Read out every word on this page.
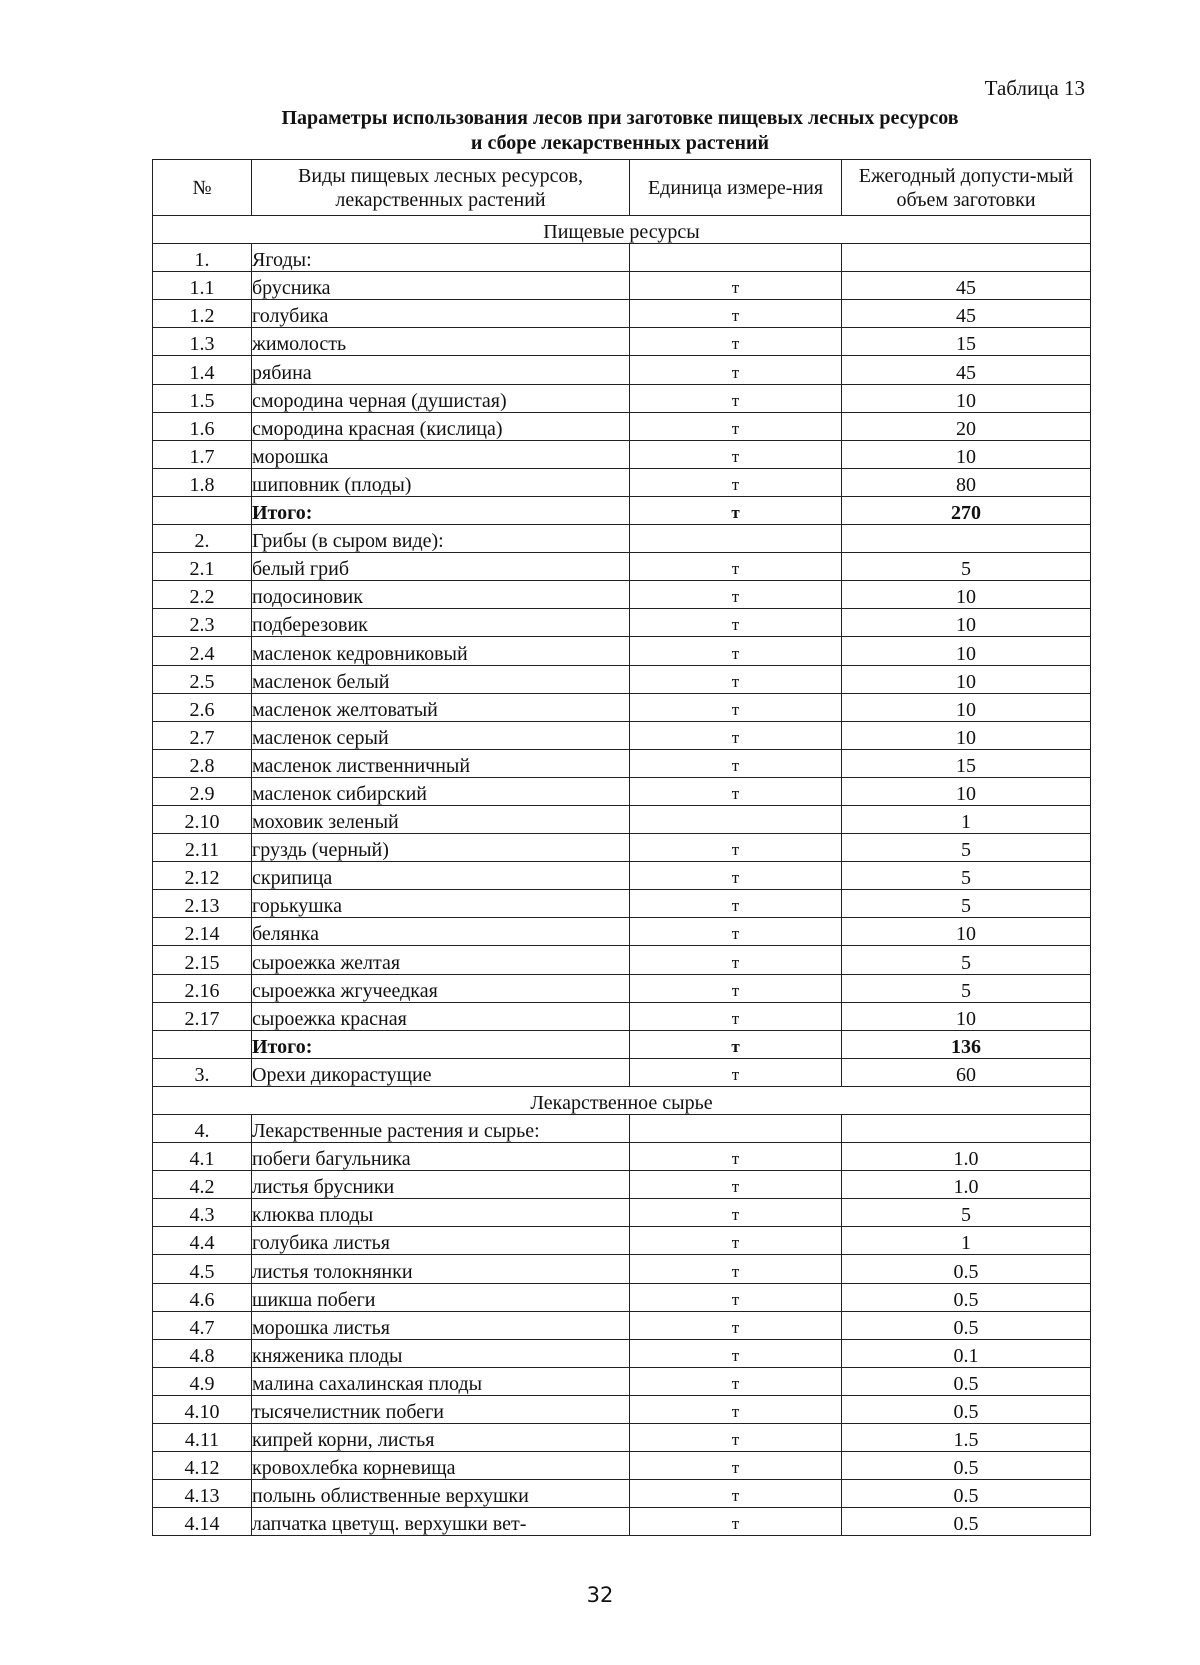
Таблица 13
Параметры использования лесов при заготовке пищевых лесных ресурсов
и сборе лекарственных растений
№	Виды пищевых лесных ресурсов, лекарственных растений	Единица измере-ния	Ежегодный допусти-мый объем заготовки
Пищевые ресурсы			
1.	Ягоды:		
1.1	брусника	т	45
1.2	голубика	т	45
1.3	жимолость	т	15
1.4	рябина	т	45
1.5	смородина черная (душистая)	т	10
1.6	смородина красная (кислица)	т	20
1.7	морошка	т	10
1.8	шиповник (плоды)	т	80
	Итого:	т	270
2.	Грибы (в сыром виде):		
2.1	белый гриб	т	5
2.2	подосиновик	т	10
2.3	подберезовик	т	10
2.4	масленок кедровниковый	т	10
2.5	масленок белый	т	10
2.6	масленок желтоватый	т	10
2.7	масленок серый	т	10
2.8	масленок лиственничный	т	15
2.9	масленок сибирский	т	10
2.10	моховик зеленый		1
2.11	груздь (черный)	т	5
2.12	скрипица	т	5
2.13	горькушка	т	5
2.14	белянка	т	10
2.15	сыроежка желтая	т	5
2.16	сыроежка жгучеедкая	т	5
2.17	сыроежка красная	т	10
	Итого:	т	136
3.	Орехи дикорастущие	т	60
Лекарственное сырье			
4.	Лекарственные растения и сырье:		
4.1	побеги багульника	т	1.0
4.2	листья брусники	т	1.0
4.3	клюква плоды	т	5
4.4	голубика листья	т	1
4.5	листья толокнянки	т	0.5
4.6	шикша побеги	т	0.5
4.7	морошка листья	т	0.5
4.8	княженика плоды	т	0.1
4.9	малина сахалинская плоды	т	0.5
4.10	тысячелистник побеги	т	0.5
4.11	кипрей корни, листья	т	1.5
4.12	кровохлебка корневища	т	0.5
4.13	полынь облиственные верхушки	т	0.5
4.14	лапчатка цветущ. верхушки вет-	т	0.5
32
